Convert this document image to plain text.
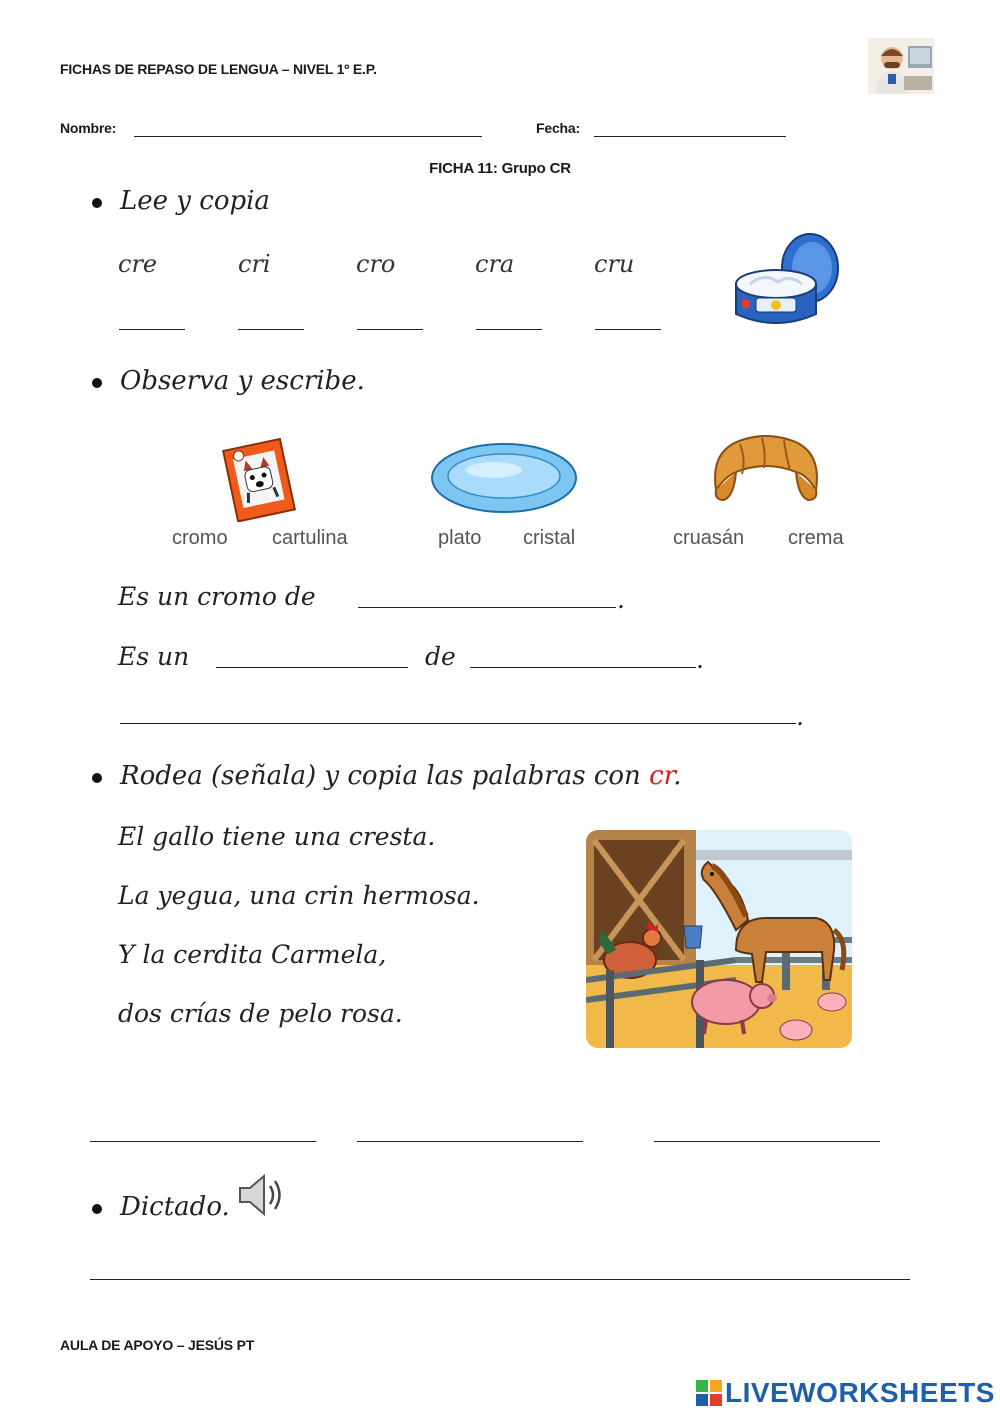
FICHAS DE REPASO DE LENGUA – NIVEL 1º E.P.
Nombre:	Fecha:
FICHA 11: Grupo CR
Lee y copia
cre	cri	cro	cra	cru
Observa y escribe.
cromo cartulina	plato cristal	cruasán crema
Es un cromo de	.
Es un	de	.
.
Rodea (señala) y copia las palabras con cr.
El gallo tiene una cresta.
La yegua, una crin hermosa.
Y la cerdita Carmela,
dos crías de pelo rosa.
Dictado.
AULA DE APOYO – JESÚS PT
LIVEWORKSHEETS
